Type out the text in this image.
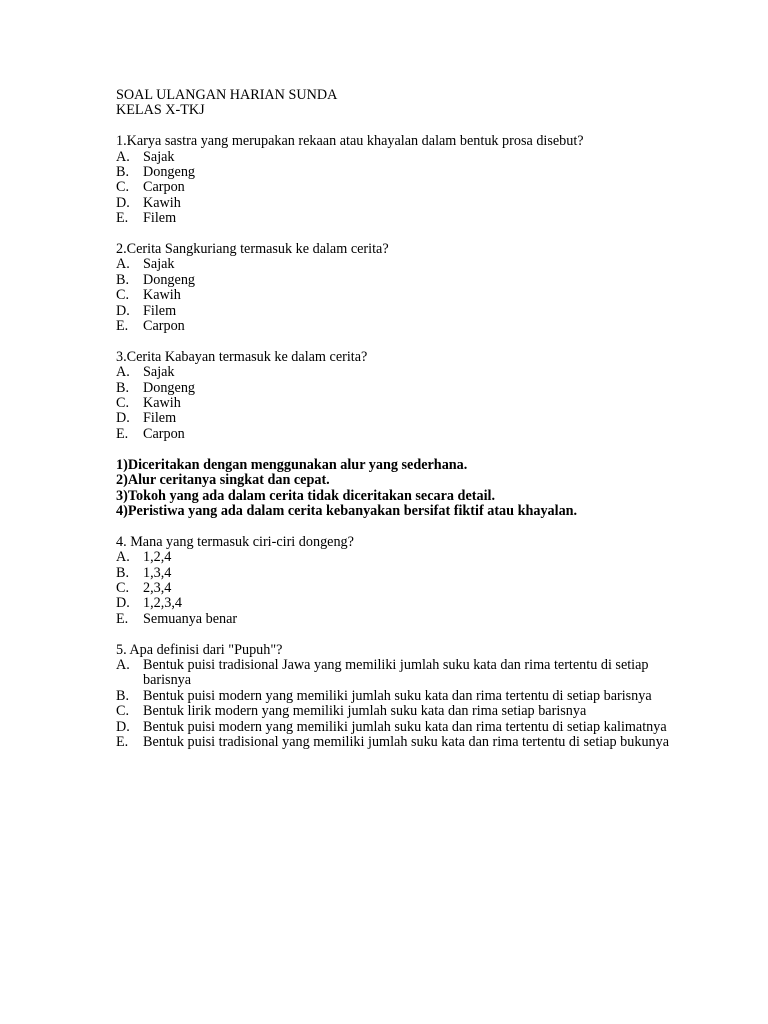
SOAL ULANGAN HARIAN SUNDA

KELAS X-TKJ

1.Karya sastra yang merupakan rekaan atau khayalan dalam bentuk prosa disebut?

A. Sajak
B. Dongeng
C. Carpon
D. Kawih
E.	Filem

2.Cerita Sangkuriang termasuk ke dalam cerita?

A. Sajak
B. Dongeng
C. Kawih
D. Filem
E.	Carpon

3.Cerita Kabayan termasuk ke dalam cerita?

A. Sajak
B. Dongeng
C. Kawih
D. Filem
E.	Carpon

1)Diceritakan dengan menggunakan alur yang sederhana.

2)Alur ceritanya singkat dan cepat.

3)Tokoh yang ada dalam cerita tidak diceritakan secara detail.

4)Peristiwa yang ada dalam cerita kebanyakan bersifat fiktif atau khayalan.

4. Mana yang termasuk ciri-ciri dongeng?

A. 1,2,4
B. 1,3,4
C. 2,3,4
D. 1,2,3,4
E.	Semuanya benar

5. Apa definisi dari "Pupuh"?

A. Bentuk puisi tradisional Jawa yang memiliki jumlah suku kata dan rima tertentu di setiap barisnya
B. Bentuk puisi modern yang memiliki jumlah suku kata dan rima tertentu di setiap barisnya
C. Bentuk lirik modern yang memiliki jumlah suku kata dan rima setiap barisnya
D. Bentuk puisi modern yang memiliki jumlah suku kata dan rima tertentu di setiap kalimatnya
E.	Bentuk puisi tradisional yang memiliki jumlah suku kata dan rima tertentu di setiap bukunya
